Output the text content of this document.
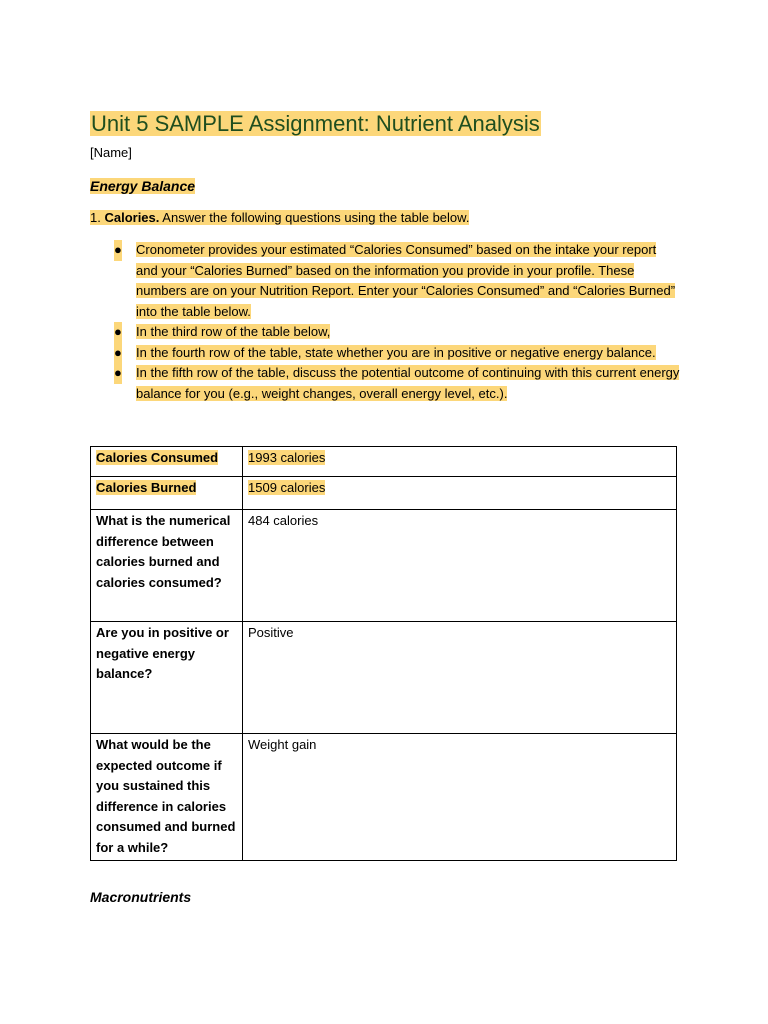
Unit 5 SAMPLE Assignment: Nutrient Analysis
[Name]
Energy Balance
1. Calories. Answer the following questions using the table below.
● Cronometer provides your estimated “Calories Consumed” based on the intake your report and your “Calories Burned” based on the information you provide in your profile. These numbers are on your Nutrition Report. Enter your “Calories Consumed” and “Calories Burned” into the table below.
● In the third row of the table below,
● In the fourth row of the table, state whether you are in positive or negative energy balance.
● In the fifth row of the table, discuss the potential outcome of continuing with this current energy balance for you (e.g., weight changes, overall energy level, etc.).
Calories Consumed	1993 calories
Calories Burned	1509 calories
What is the numerical difference between calories burned and calories consumed?	484 calories
Are you in positive or negative energy balance?	Positive
What would be the expected outcome if you sustained this difference in calories consumed and burned for a while?	Weight gain
Macronutrients
